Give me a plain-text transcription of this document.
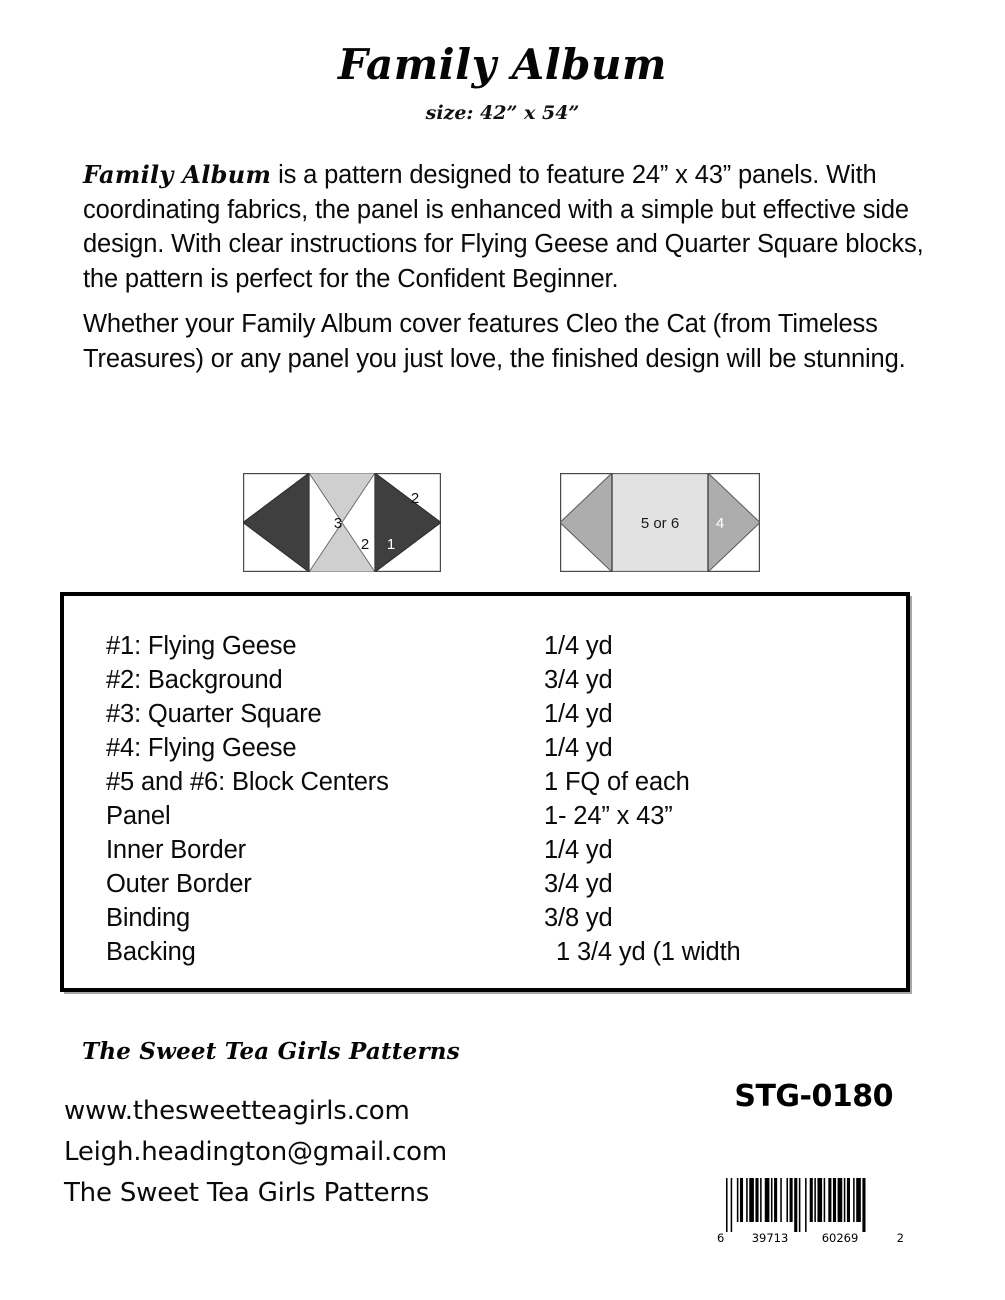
Family Album
size: 42” x 54”
Family Album is a pattern designed to feature 24” x 43” panels. With coordinating fabrics, the panel is enhanced with a simple but effective side design. With clear instructions for Flying Geese and Quarter Square blocks, the pattern is perfect for the Confident Beginner.
Whether your Family Album cover features Cleo the Cat (from Timeless Treasures) or any panel you just love, the finished design will be stunning.
3
2
2
1
5 or 6 4
#1: Flying Geese	1/4 yd
#2: Background	3/4 yd
#3: Quarter Square	1/4 yd
#4: Flying Geese	1/4 yd
#5 and #6: Block Centers	1 FQ of each
Panel	1- 24” x 43”
Inner Border	1/4 yd
Outer Border	3/4 yd
Binding	3/8 yd
Backing	1 3/4 yd (1 width
The Sweet Tea Girls Patterns
www.thesweetteagirls.com
Leigh.headington@gmail.com
The Sweet Tea Girls Patterns
STG-0180
6 39713	60269	2
